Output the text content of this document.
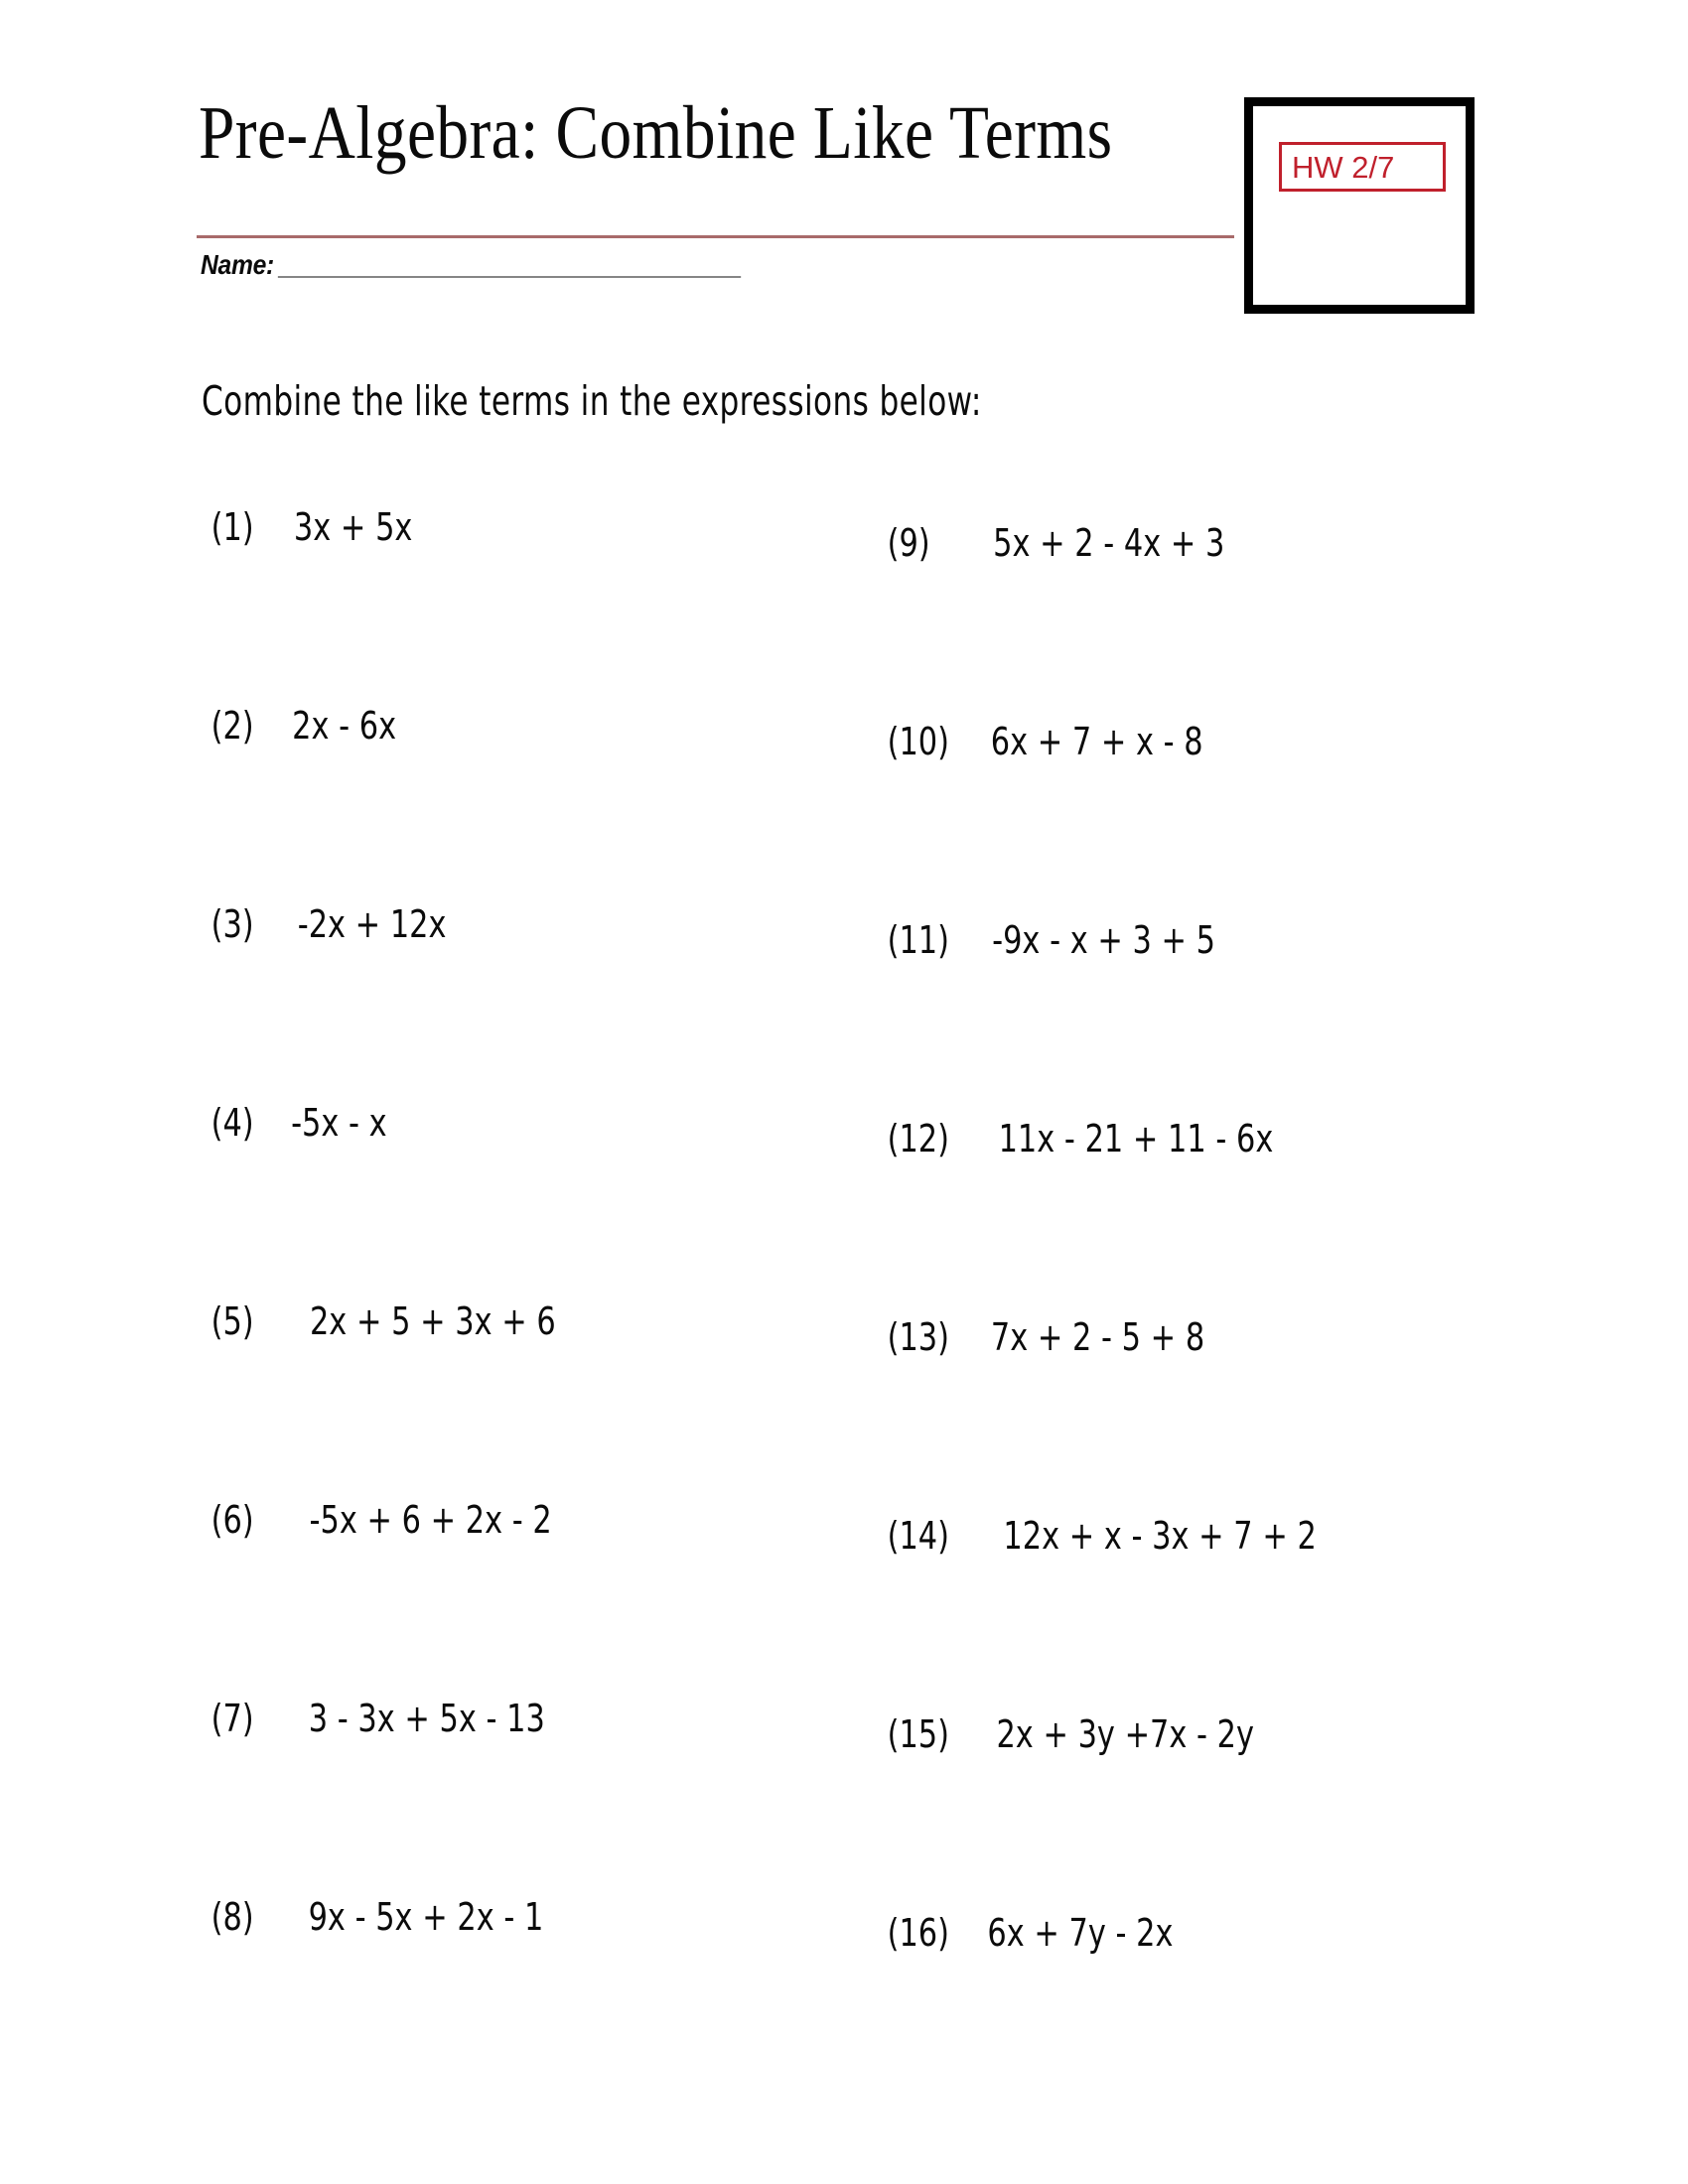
Pre-Algebra: Combine Like Terms
Name: _________________________________
HW 2/7
Combine the like terms in the expressions below:
(1)	3x + 5x
(2)	2x - 6x
(3)	-2x + 12x
(4) -5x - x
(5)	2x + 5 + 3x + 6
(6)	-5x + 6 + 2x - 2
(7)	3 - 3x + 5x - 13
(8)	9x - 5x + 2x - 1
(9)	5x + 2 - 4x + 3
(10) 6x + 7 + x - 8
(11) -9x - x + 3 + 5
(12) 11x - 21 + 11 - 6x
(13) 7x + 2 - 5 + 8
(14) 12x + x - 3x + 7 + 2
(15) 2x + 3y +7x - 2y
(16) 6x + 7y - 2x
